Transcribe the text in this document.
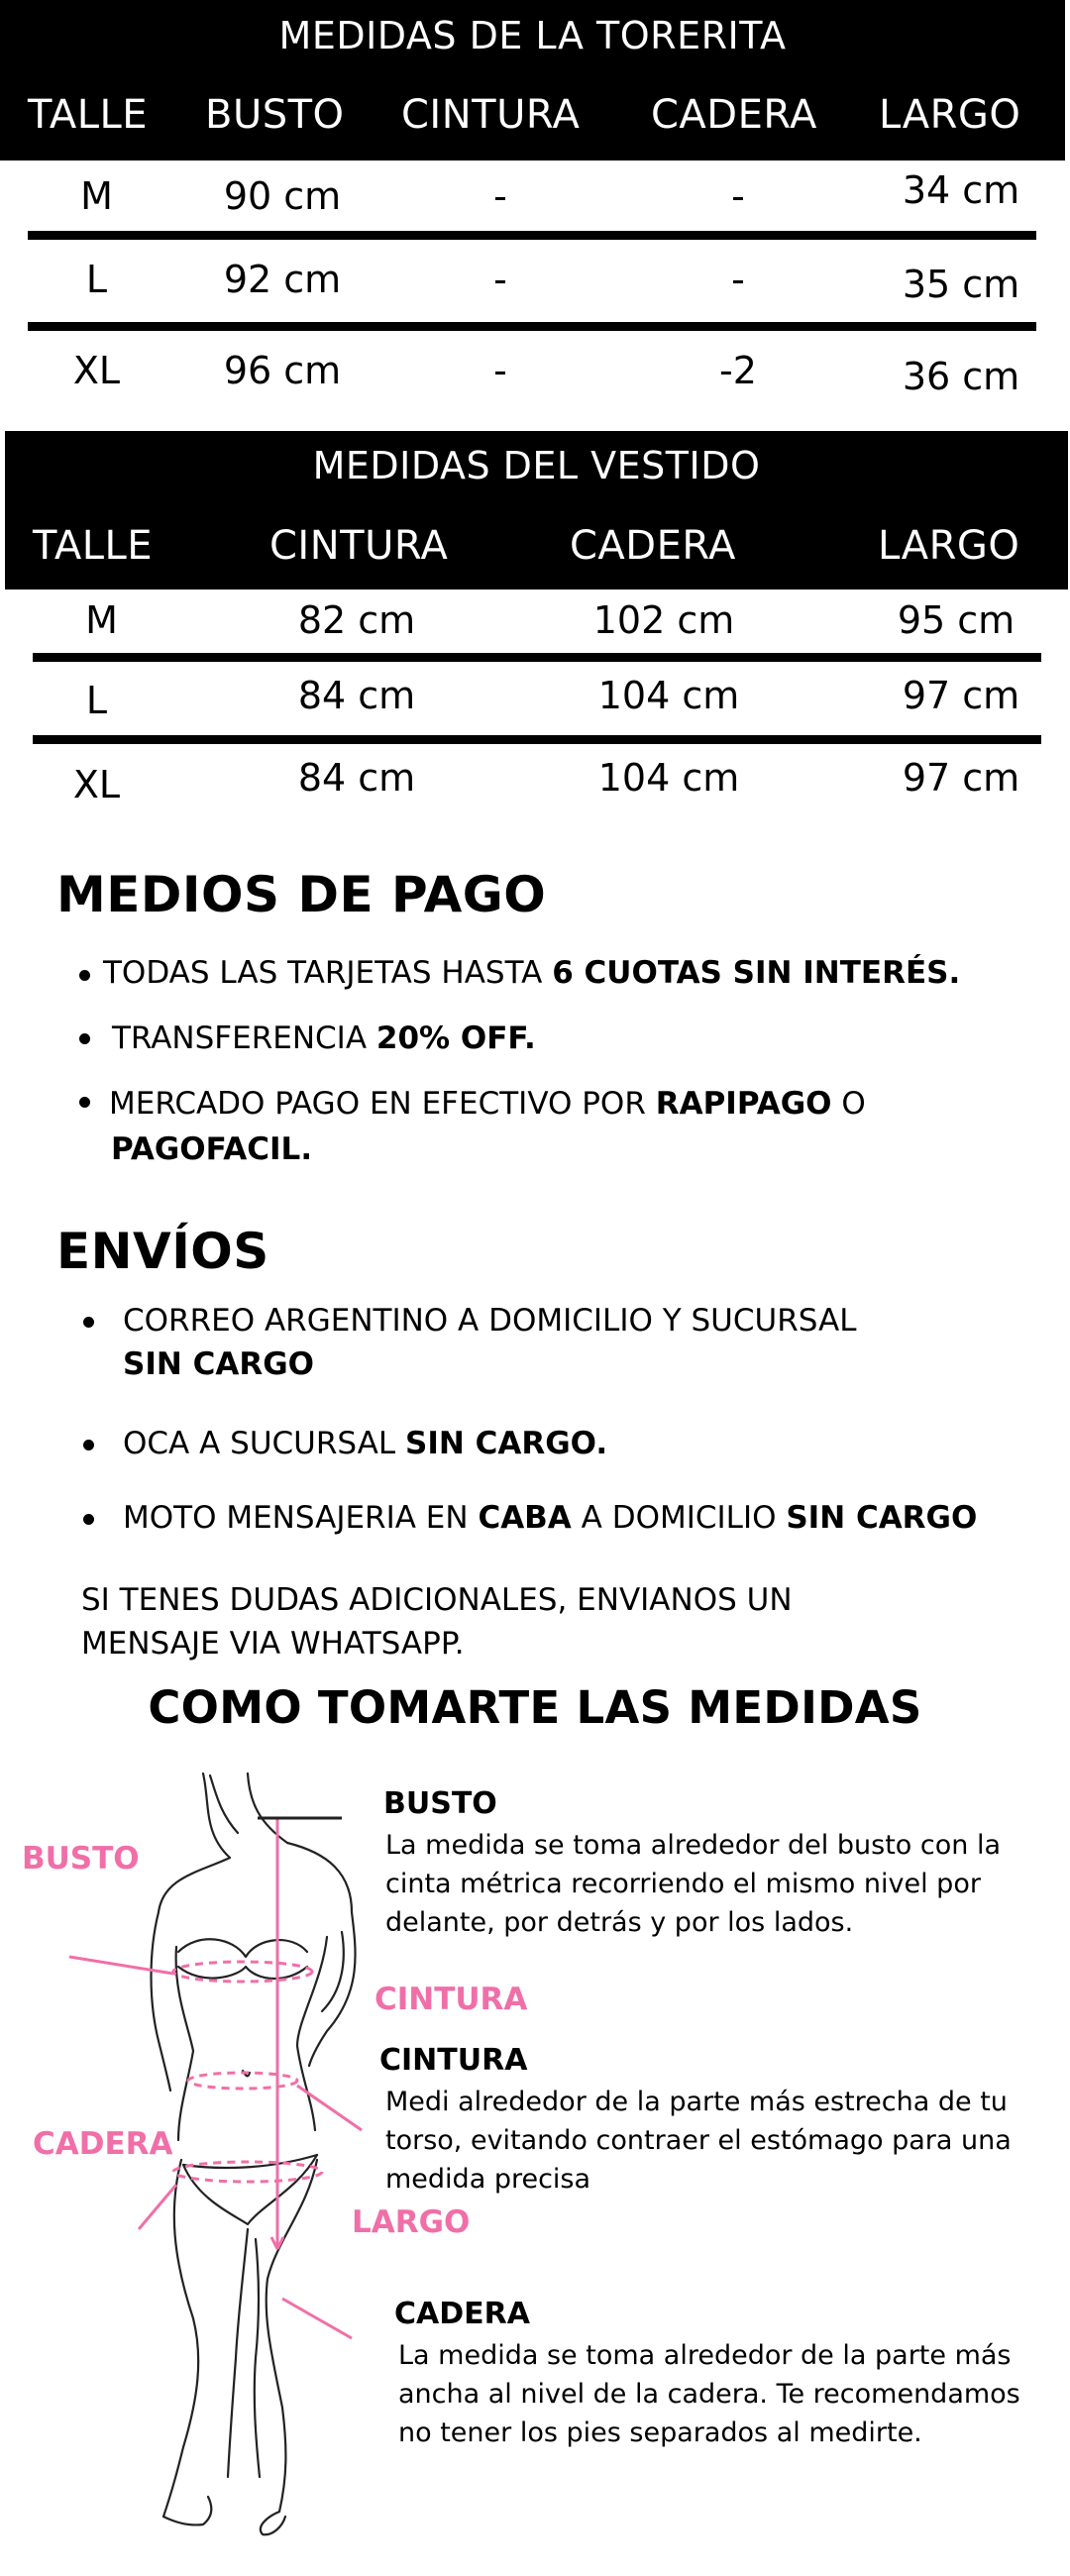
MEDIDAS DE LA TORERITA
TALLE BUSTO CINTURA CADERA LARGO
M	90 cm	-	-	34 cm
L	92 cm	-	-	35 cm
XL	96 cm	-	-2	36 cm
MEDIDAS DEL VESTIDO
TALLE	CINTURA	CADERA	LARGO
M	82 cm	102 cm	95 cm
L	84 cm	104 cm	97 cm
XL	84 cm	104 cm	97 cm
MEDIOS DE PAGO
TODAS LAS TARJETAS HASTA 6 CUOTAS SIN INTERÉS.
TRANSFERENCIA 20% OFF.
MERCADO PAGO EN EFECTIVO POR RAPIPAGO O
PAGOFACIL.
ENVÍOS
CORREO ARGENTINO A DOMICILIO Y SUCURSAL
SIN CARGO
OCA A SUCURSAL SIN CARGO.
MOTO MENSAJERIA EN CABA A DOMICILIO SIN CARGO
SI TENES DUDAS ADICIONALES, ENVIANOS UN
MENSAJE VIA WHATSAPP.
COMO TOMARTE LAS MEDIDAS
BUSTO
CINTURA
CADERA
LARGO
BUSTO
La medida se toma alrededor del busto con la cinta métrica recorriendo el mismo nivel por delante, por detrás y por los lados.
CINTURA
Medi alrededor de la parte más estrecha de tu torso, evitando contraer el estómago para una medida precisa
CADERA
La medida se toma alrededor de la parte más ancha al nivel de la cadera. Te recomendamos no tener los pies separados al medirte.
